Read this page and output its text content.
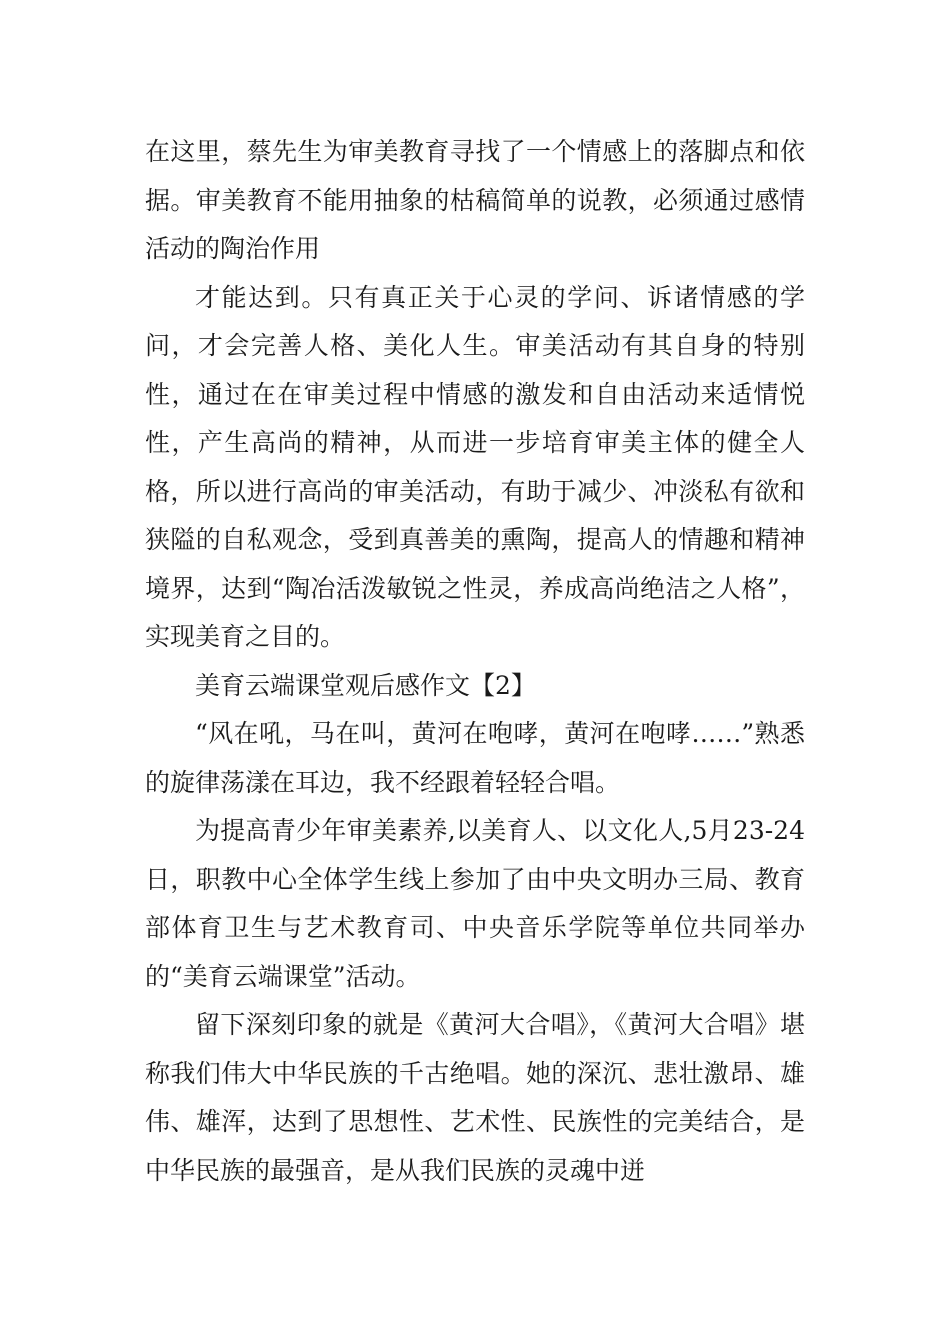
在这里，蔡先生为审美教育寻找了一个情感上的落脚点和依据。审美教育不能用抽象的枯稿简单的说教，必须通过感情活动的陶治作用

才能达到。只有真正关于心灵的学问、诉诸情感的学问，才会完善人格、美化人生。审美活动有其自身的特别性，通过在在审美过程中情感的激发和自由活动来适情悦性，产生高尚的精神，从而进一步培育审美主体的健全人格，所以进行高尚的审美活动，有助于减少、冲淡私有欲和狭隘的自私观念，受到真善美的熏陶，提高人的情趣和精神境界，达到“陶冶活泼敏锐之性灵，养成高尚绝洁之人格”，实现美育之目的。

美育云端课堂观后感作文【2】

“风在吼，马在叫，黄河在咆哮，黄河在咆哮……”熟悉的旋律荡漾在耳边，我不经跟着轻轻合唱。

为提高青少年审美素养,以美育人、以文化人,5月23-24日，职教中心全体学生线上参加了由中央文明办三局、教育部体育卫生与艺术教育司、中央音乐学院等单位共同举办的“美育云端课堂”活动。

留下深刻印象的就是《黄河大合唱》，《黄河大合唱》堪称我们伟大中华民族的千古绝唱。她的深沉、悲壮激昂、雄伟、雄浑，达到了思想性、艺术性、民族性的完美结合，是中华民族的最强音，是从我们民族的灵魂中迸
